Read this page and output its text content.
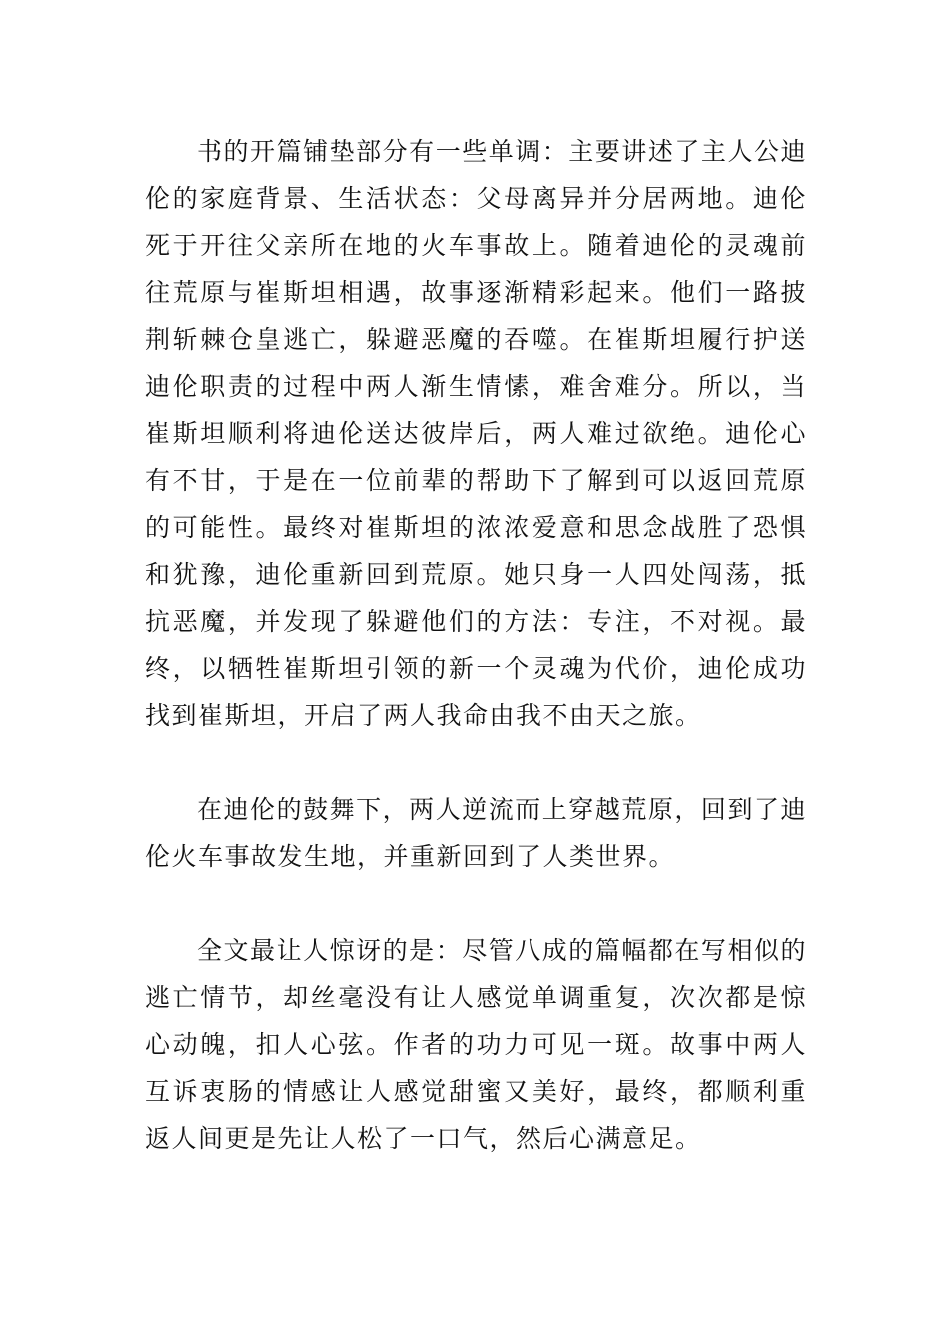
书的开篇铺垫部分有一些单调：主要讲述了主人公迪伦的家庭背景、生活状态：父母离异并分居两地。迪伦死于开往父亲所在地的火车事故上。随着迪伦的灵魂前往荒原与崔斯坦相遇，故事逐渐精彩起来。他们一路披荆斩棘仓皇逃亡，躲避恶魔的吞噬。在崔斯坦履行护送迪伦职责的过程中两人渐生情愫，难舍难分。所以，当崔斯坦顺利将迪伦送达彼岸后，两人难过欲绝。迪伦心有不甘，于是在一位前辈的帮助下了解到可以返回荒原的可能性。最终对崔斯坦的浓浓爱意和思念战胜了恐惧和犹豫，迪伦重新回到荒原。她只身一人四处闯荡，抵抗恶魔，并发现了躲避他们的方法：专注，不对视。最终，以牺牲崔斯坦引领的新一个灵魂为代价，迪伦成功找到崔斯坦，开启了两人我命由我不由天之旅。

在迪伦的鼓舞下，两人逆流而上穿越荒原，回到了迪伦火车事故发生地，并重新回到了人类世界。

全文最让人惊讶的是：尽管八成的篇幅都在写相似的逃亡情节，却丝毫没有让人感觉单调重复，次次都是惊心动魄，扣人心弦。作者的功力可见一斑。故事中两人互诉衷肠的情感让人感觉甜蜜又美好，最终，都顺利重返人间更是先让人松了一口气，然后心满意足。
